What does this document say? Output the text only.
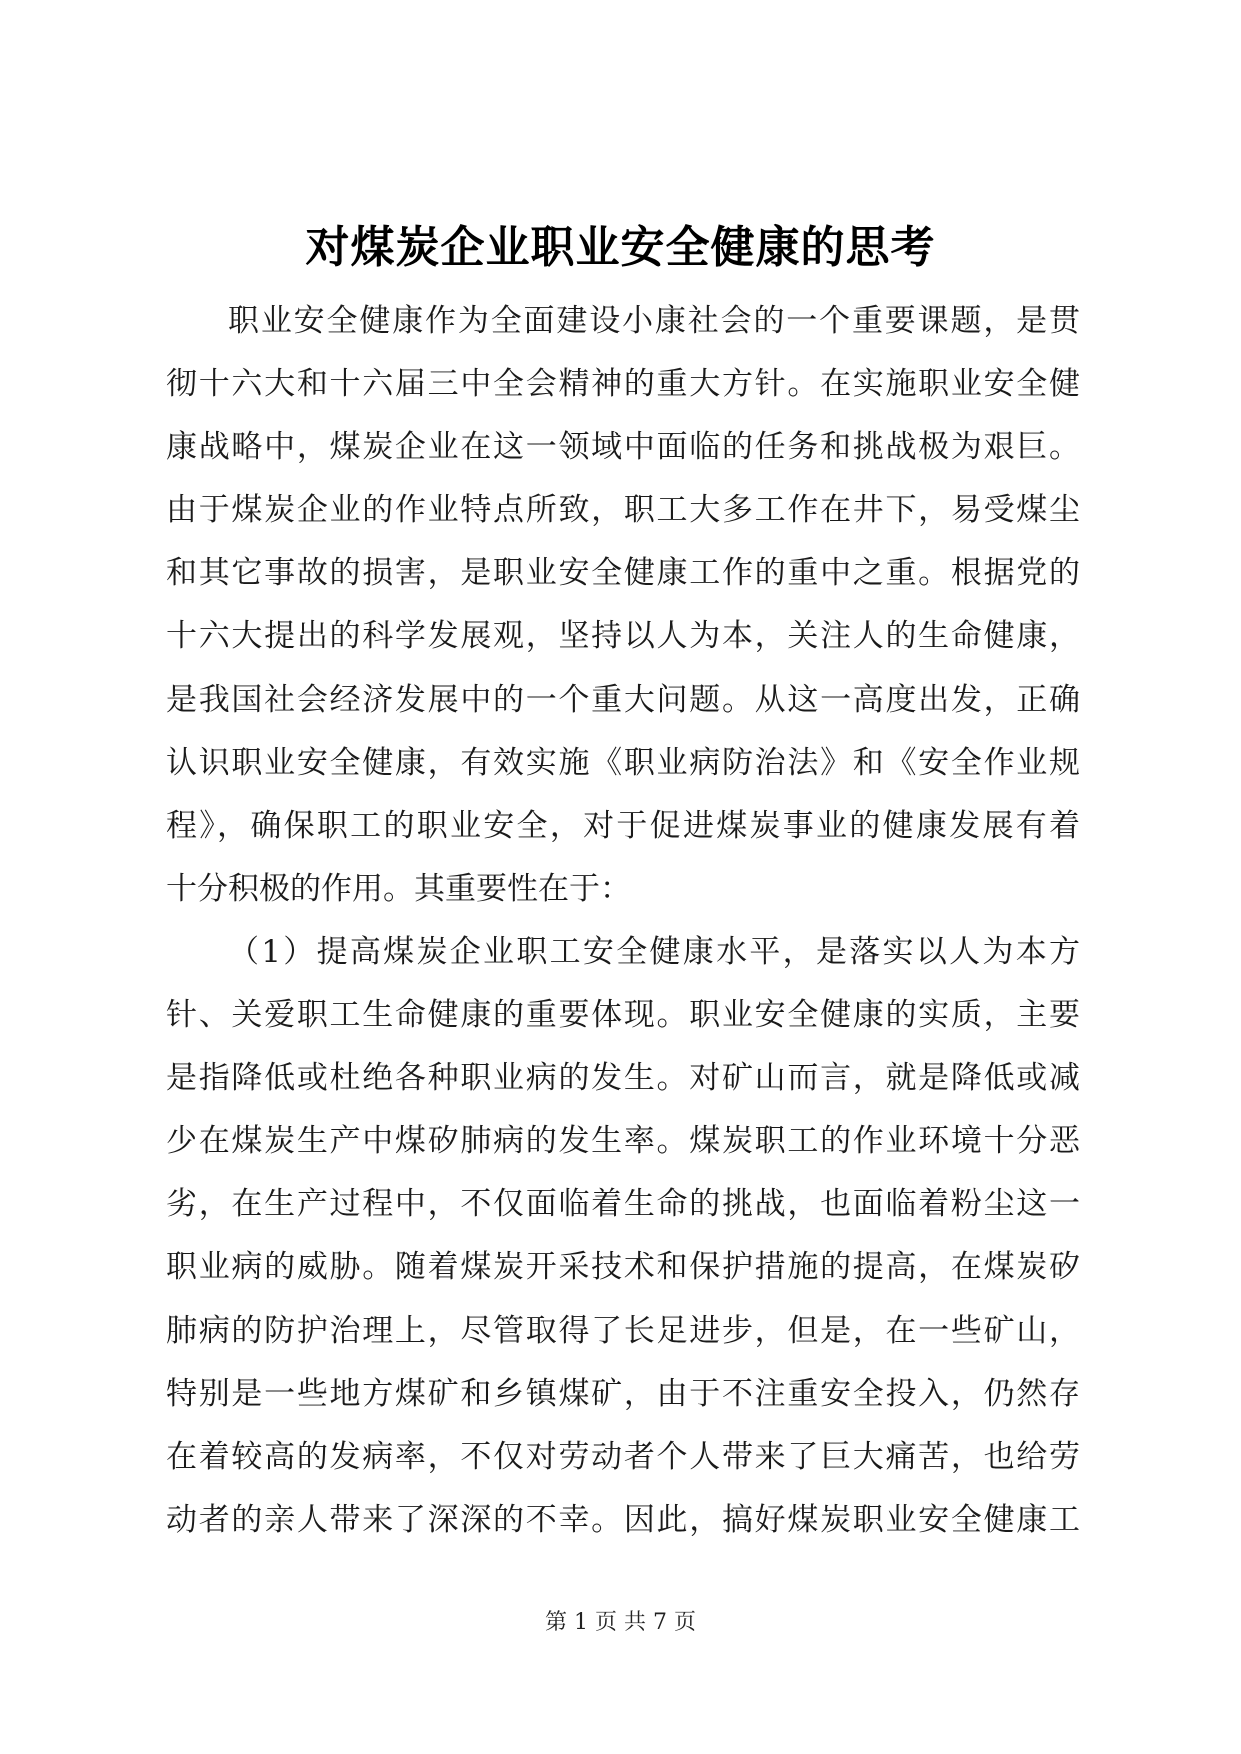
对煤炭企业职业安全健康的思考
职业安全健康作为全面建设小康社会的一个重要课题，是贯
彻十六大和十六届三中全会精神的重大方针。在实施职业安全健
康战略中，煤炭企业在这一领域中面临的任务和挑战极为艰巨。
由于煤炭企业的作业特点所致，职工大多工作在井下，易受煤尘
和其它事故的损害，是职业安全健康工作的重中之重。根据党的
十六大提出的科学发展观，坚持以人为本，关注人的生命健康，
是我国社会经济发展中的一个重大问题。从这一高度出发，正确
认识职业安全健康，有效实施《职业病防治法》和《安全作业规
程》，确保职工的职业安全，对于促进煤炭事业的健康发展有着
十分积极的作用。其重要性在于：
（1）提高煤炭企业职工安全健康水平，是落实以人为本方
针、关爱职工生命健康的重要体现。职业安全健康的实质，主要
是指降低或杜绝各种职业病的发生。对矿山而言，就是降低或减
少在煤炭生产中煤矽肺病的发生率。煤炭职工的作业环境十分恶
劣，在生产过程中，不仅面临着生命的挑战，也面临着粉尘这一
职业病的威胁。随着煤炭开采技术和保护措施的提高，在煤炭矽
肺病的防护治理上，尽管取得了长足进步，但是，在一些矿山，
特别是一些地方煤矿和乡镇煤矿，由于不注重安全投入，仍然存
在着较高的发病率，不仅对劳动者个人带来了巨大痛苦，也给劳
动者的亲人带来了深深的不幸。因此，搞好煤炭职业安全健康工
第 1 页 共 7 页
